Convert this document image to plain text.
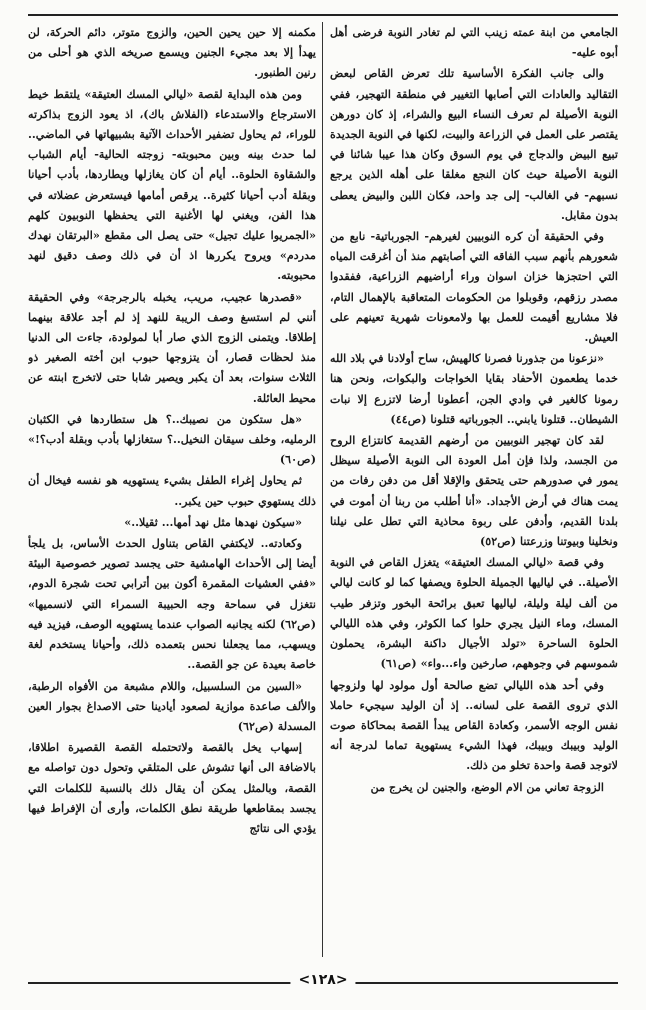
الجامعي من ابنة عمته زينب التي لم تغادر النوبة فرضى أهل أبوه عليه-

والى جانب الفكرة الأساسية تلك تعرض القاص لبعض التقاليد والعادات التي أصابها التغيير في منطقة التهجير، ففي النوبة الأصيلة لم تعرف النساء البيع والشراء، إذ كان دورهن يقتصر على العمل في الزراعة والبيت، لكنها في النوبة الجديدة تبيع البيض والدجاج في يوم السوق وكان هذا عيبا شائنا في النوبة الأصيلة حيث كان النجع مغلقا على أهله الذين يرجع نسبهم- في الغالب- إلى جد واحد، فكان اللبن والبيض يعطى بدون مقابل.

وفي الحقيقة أن كره النوبيين لغيرهم- الجورباتية- نابع من شعورهم بأنهم سبب الفاقه التي أصابتهم منذ أن أغرقت المياه التي احتجزها خزان اسوان وراء أراضيهم الزراعية، ففقدوا مصدر رزقهم، وقوبلوا من الحكومات المتعاقبة بالإهمال التام، فلا مشاريع أقيمت للعمل بها ولامعونات شهرية تعينهم على العيش.

«نزعونا من جذورنا فصرنا كالهيش، ساح أولادنا في بلاد الله خدما يطعمون الأحفاد بقايا الخواجات والبكوات، ونحن هنا رمونا كالغير في وادي الجن، أعطونا أرضا لاتزرع إلا نبات الشيطان.. قتلونا يابني.. الجورباتيه قتلونا (ص٤٤)

لقد كان تهجير النوبيين من أرضهم القديمة كانتزاع الروح من الجسد، ولذا فإن أمل العودة الى النوبة الأصيلة سيظل يمور في صدورهم حتى يتحقق والإقلا أقل من دفن رفات من يمت هناك في أرض الأجداد. «أنا أطلب من ربنا أن أموت في بلدنا القديم، وأدفن على ربوة محاذية التي تطل على نيلنا ونخلينا وبيوتنا وزرعتنا (ص٥٢)

وفي قصة «ليالي المسك العتيقة» يتغزل القاص في النوبة الأصيلة.. في لياليها الجميلة الحلوة ويصفها كما لو كانت ليالي من ألف ليلة وليلة، لياليها تعبق برائحة البخور وتزفر طيب المسك، وماء النيل يجري حلوا كما الكوثر، وفي هذه الليالي الحلوة الساحرة «تولد الأجيال داكنة البشرة، يحملون شموسهم في وجوههم، صارخين واء...واء» (ص٦١)

وفي أحد هذه الليالي تضع صالحة أول مولود لها ولزوجها الذي تروى القصة على لسانه.. إذ أن الوليد سيجيء حاملا نفس الوجه الأسمر، وكعادة القاص يبدأ القصة بمحاكاة صوت الوليد وبيبك وبيبك، فهذا الشيء يستهوية تماما لدرجة أنه لاتوجد قصة واحدة تخلو من ذلك.

الزوجة تعاني من الام الوضع، والجنين لن يخرج من

مكمنه إلا حين يحين الحين، والزوج متوتر، دائم الحركة، لن يهدأ إلا بعد مجيء الجنين ويسمع صريخه الذي هو أحلى من رنين الطنبور.

ومن هذه البداية لقصة «ليالي المسك العتيقة» يلتقط خيط الاسترجاع والاستدعاء (الفلاش باك)، اذ يعود الزوج بذاكرته للوراء، ثم يحاول تضفير الأحداث الآتية بشبيهاتها في الماضي.. لما حدث بينه وبين محبوبته- زوجته الحالية- أيام الشباب والشقاوة الحلوة.. أيام أن كان يغازلها ويطاردها، بأدب أحيانا وبقلة أدب أحيانا كثيرة.. يرقص أمامها فيستعرض عضلاته في هذا الفن، ويغني لها الأغنية التي يحفظها النوبيون كلهم «الجمريوا عليك تجيل» حتى يصل الى مقطع «البرتقان نهدك مدردم» ويروح يكررها اذ أن في ذلك وصف دقيق لنهد محبوبته.

«قصدرها عجيب، مريب، يخبله بالرجرجة» وفي الحقيقة أنني لم استسغ وصف الريبة للنهد إذ لم أجد علاقة بينهما إطلاقا. ويتمنى الزوج الذي صار أبا لمولودة، جاءت الى الدنيا منذ لحظات قصار، أن يتزوجها حبوب ابن أخته الصغير ذو الثلاث سنوات، بعد أن يكبر ويصير شابا حتى لاتخرج ابنته عن محيط العائلة.

«هل ستكون من نصيبك..؟ هل ستطاردها في الكثبان الرمليه، وخلف سيقان النخيل..؟ ستغازلها بأدب وبقلة أدب؟!» (ص٦٠)

ثم يحاول إغراء الطفل بشيء يستهويه هو نفسه فيخال أن ذلك يستهوي حبوب حين يكبر..

«سيكون نهدها مثل نهد أمها... ثقيلا..»

وكعادته.. لايكتفي القاص بتناول الحدث الأساس، بل يلجأ أيضا إلى الأحداث الهامشية حتى يجسد تصوير خصوصية البيئة «ففي العشيات المقمرة أكون بين أترابي تحت شجرة الدوم، نتغزل في سماحة وجه الحبيبة السمراء التي لانسميها» (ص٦٢) لكنه يجانبه الصواب عندما يستهويه الوصف، فيزيد فيه ويسهب، مما يجعلنا نحس بتعمده ذلك، وأحيانا يستخدم لغة خاصة بعيدة عن جو القصة..

«السين من السلسبيل، واللام مشبعة من الأفواه الرطبة، والألف صاعدة موازية لصعود أيادينا حتى الاصداغ بجوار العين المسدلة (ص٦٢)

إسهاب يخل بالقصة ولاتحتمله القصة القصيرة اطلاقا، بالاضافة الى أنها تشوش على المتلقي وتحول دون تواصله مع القصة، وبالمثل يمكن أن يقال ذلك بالنسبة للكلمات التي يجسد بمقاطعها طريقة نطق الكلمات، وأرى أن الإفراط فيها يؤدي الى نتائج

<١٢٨>
